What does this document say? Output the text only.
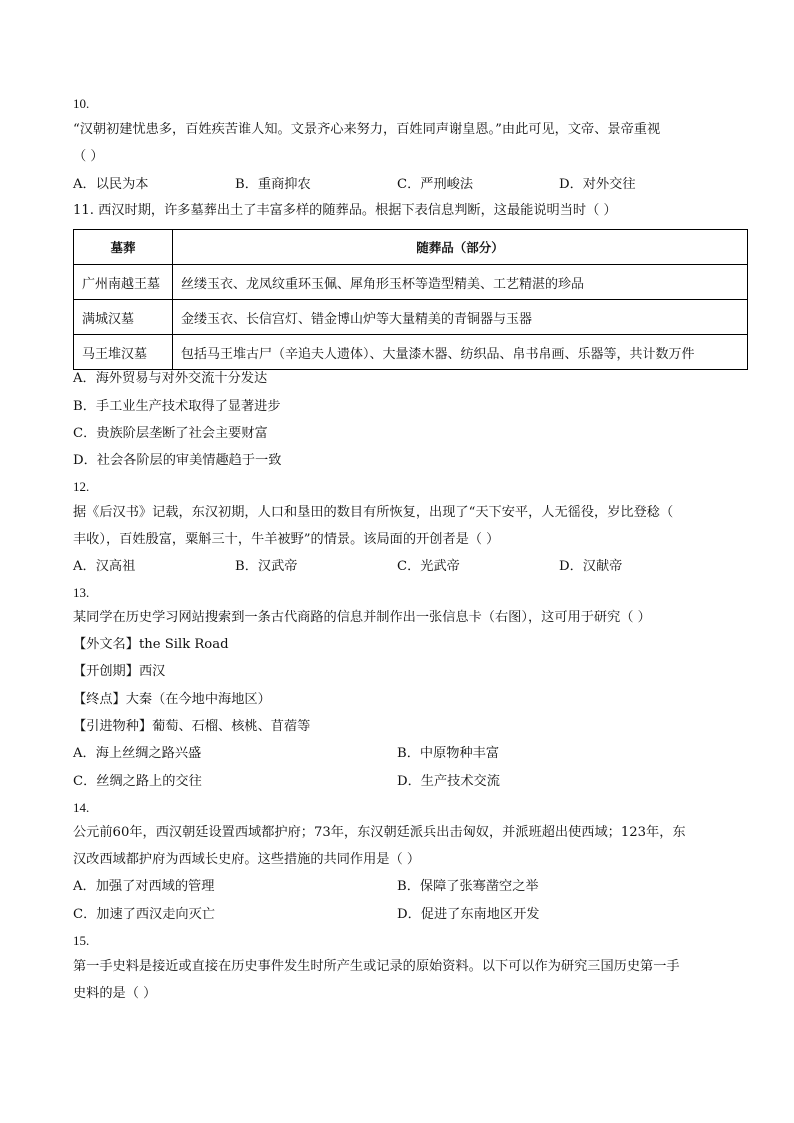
10.
“汉朝初建忧患多，百姓疾苦谁人知。文景齐心来努力，百姓同声谢皇恩。”由此可见，文帝、景帝重视
（ ）
A．以民为本	B．重商抑农	C．严刑峻法	D．对外交往
11. 西汉时期，许多墓葬出土了丰富多样的随葬品。根据下表信息判断，这最能说明当时（ ）
墓葬	随葬品（部分）
广州南越王墓	丝缕玉衣、龙凤纹重环玉佩、犀角形玉杯等造型精美、工艺精湛的珍品
满城汉墓	金缕玉衣、长信宫灯、错金博山炉等大量精美的青铜器与玉器
马王堆汉墓	包括马王堆古尸（辛追夫人遗体）、大量漆木器、纺织品、帛书帛画、乐器等，共计数万件
A．海外贸易与对外交流十分发达
B．手工业生产技术取得了显著进步
C．贵族阶层垄断了社会主要财富
D．社会各阶层的审美情趣趋于一致
12.
据《后汉书》记载，东汉初期，人口和垦田的数目有所恢复，出现了“天下安平，人无徭役，岁比登稔（
丰收），百姓殷富，粟斛三十，牛羊被野”的情景。该局面的开创者是（ ）
A．汉高祖	B．汉武帝	C．光武帝	D．汉献帝
13.
某同学在历史学习网站搜索到一条古代商路的信息并制作出一张信息卡（右图），这可用于研究（ ）
【外文名】the Silk Road
【开创期】西汉
【终点】大秦（在今地中海地区）
【引进物种】葡萄、石榴、核桃、苜蓿等
A．海上丝绸之路兴盛	B．中原物种丰富
C．丝绸之路上的交往	D．生产技术交流
14.
公元前60年，西汉朝廷设置西域都护府；73年，东汉朝廷派兵出击匈奴，并派班超出使西域；123年，东
汉改西域都护府为西域长史府。这些措施的共同作用是（ ）
A．加强了对西域的管理	B．保障了张骞凿空之举
C．加速了西汉走向灭亡	D．促进了东南地区开发
15.
第一手史料是接近或直接在历史事件发生时所产生或记录的原始资料。以下可以作为研究三国历史第一手
史料的是（ ）
